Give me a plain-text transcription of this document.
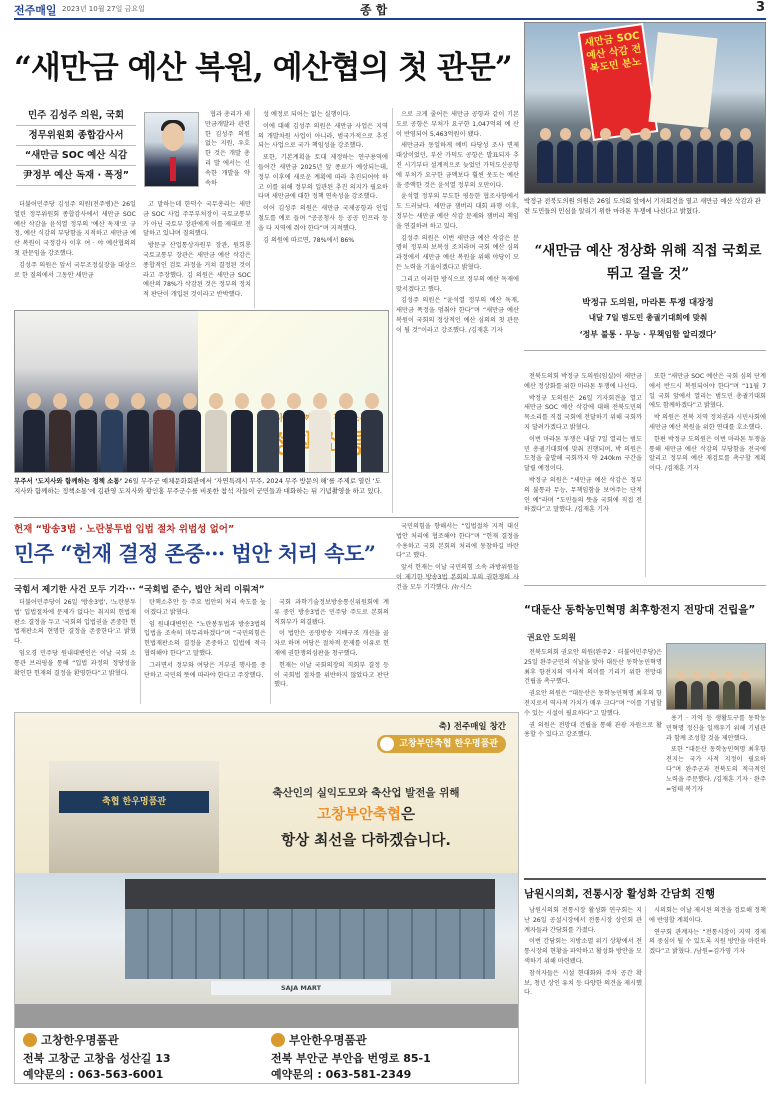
전주매일 2023년 10월 27일 금요일	종 합	3
“새만금 예산 복원, 예산협의 첫 관문”
민주 김성주 의원, 국회
정무위원회 종합감사서
“새만금 SOC 예산 식감
尹정부 예산 독재 · 폭정”

더불어민주당 김성주 의원(전주병)은 26일 열린 정무위원회 종합감사에서 새만금 SOC 예산 삭감을 윤석열 정부의 '예산 독재'로 규정, 예산 식감의 부당함을 지적하고 새만금 예산 복원이 국정감사 이후 여 · 야 예산협의의 첫 관문임을 강조했다.

김성주 의원은 앞서 국무조정실장을 대상으로 한 질의에서 그동안 새만금

협과 총리가 새만금개발과 관련한 김성주 의원 없는 지원, 우호한 것은 개발 총리 발 에서는 신속한 개발을 약속하

고 말하는데 한덕수 국무총리는 새만금 SOC 사업 주무부처장이 국토교통부가 아닌 국토부 장관에게 이를 제대로 전달하고 있냐며 질의했다.

방문규 산업통상자원부 장관, 원희룡 국토교통부 장관은 새만금 예산 삭감은 종합적인 검토 과정을 거쳐 결정된 것이라고 주장했다. 김 의원은 새만금 SOC 예산의 78%가 삭감된 것은 정부의 정치적 판단이 개입된 것이라고 반박했다.

성 예정로 되어는 없는 실행이다.

이에 대해 김성주 의원은 새만금 사업은 지역의 개발차원 사업이 아니라, 범국가적으로 추진되는 사업으로 국가 책임성을 강조했다.

또한, 기본계획을 토대 제정하는 연구용역에 들어간 새만금 2025년 앞 종료가 예상되는데, 정부 이후에 새로운 계획에 따라 추진되어야 하고 이를 위해 정부의 일관된 추진 의지가 필요하다며 새만금에 대한 정책 연속성을 강조했다.

이어 김성주 의원은 새만금 국제공항과 인입 철도를 예로 들며 “공공청사 등 공공 인프라 등을 다 지역에 줘야 한다”며 지적했다.

김 의원에 따르면, 78%에서 86%

으로 크게 줄어든 새만금 공항과 같이 기본도로 공항은 부처가 요구한 1,047억의 예 산이 반영되어 5,463억원이 됐다.

새만금과 동일하게 예비 타당성 조사 면제 대상이었던, 부산 가덕도 공항은 발표되자 추진 시기부터 설계적으로 늦었던 가덕도신공항에 부처가 요구한 금액보다 훨씬 웃도는 예산을 증액한 것은 윤석열 정부의 오만이다.

윤석열 정부의 무도한 평등한 협조사항에서도 드러났다. 새만금 잼버리 대회 파행 이후, 정부는 새만금 예산 삭감 문제와 잼버리 책임을 연결하려 하고 있다.

김성주 의원은 이번 새만금 예산 삭감은 분명히 정부의 보복성 조치라며 국회 예산 심의 과정에서 새만금 예산 복원을 위해 야당이 모든 노력을 기울이겠다고 밝혔다.

그리고 이러한 방식으로 정부의 예산 독재에 맞서겠다고 했다.

김성주 의원은 “윤석열 정부의 예산 독재, 새만금 폭정을 멈춰야 한다”며 “새만금 예산 복원이 국회의 정상적인 예산 심의의 첫 관문이 될 것”이라고 강조했다. /김재훈 기자

무주서 ‘도지사와 함께하는 정책 소통’ 26일 무주군 예체문화회관에서 ‘자연특례시 무주, 2024 무주 방문의 해’를 주제로 열린 ‘도지사와 함께하는 정책소통’에 김관영 도지사와 황인홍 무주군수를 비롯한 참석 자들이 군민들과 대화하는 뒤 기념촬영을 하고 있다.
헌재 “방송3법 · 노란봉투법 입법 절차 위법성 없어”
민주 “헌재 결정 존중··· 법안 처리 속도”
국힘서 제기한 사건 모두 기각··· “국회법 준수, 법안 처리 이뤄져”

더불어민주당이 26일 '방송3법', '노란봉투법' 입법절차에 문제가 없다는 취지의 헌법재판소 결정을 두고 '국회의 입법권을 존중한 헌법재판소의 현명한 결정을 존중한다'고 밝혔다.

임오경 민주당 원내대변인은 이날 국회 소통관 브리핑을 통해 “입법 과정의 정당성을 확인한 헌재의 결정을 환영한다”고 밝혔다.

탄핵소추안 등 주요 법안의 처리 속도를 높이겠다고 밝혔다.

임 원내대변인은 “노란봉투법과 방송3법의 입법을 조속히 마무리하겠다”며 “국민의힘은 헌법재판소의 결정을 존중하고 입법에 적극 협력해야 한다”고 말했다.

그러면서 정부와 여당은 거부권 행사를 중단하고 국민의 뜻에 따라야 한다고 주장했다.

국회 과학기술정보방송통신위원회에 계류 중인 방송3법은 민주당 주도로 본회의 직회부가 의결됐다.

이 법안은 공영방송 지배구조 개선을 골자로 하며 여당은 절차적 문제를 이유로 헌재에 권한쟁의심판을 청구했다.

헌재는 이날 국회의장의 직회부 결정 등이 국회법 절차를 위반하지 않았다고 판단했다.

국민의힘을 향해서는 “입법절차 지적 대신 법안 처리에 협조해야 한다”며 “헌재 결정을 수용하고 국회 본회의 처리에 동참하길 바란다”고 했다.

앞서 헌재는 이날 국민의힘 소속 과방위원들이 제기한 방송3법 본회의 부의 권한쟁의 사건을 모두 기각했다. /뉴시스

새만금 SOC 예산 삭감 전북도민 분노
박정규 전북도의원 의원은 26일 도의회 앞에서 기자회견을 열고 새만금 예산 삭감과 관련 도민들의 민심을 알리기 위한 마라톤 투쟁에 나선다고 밝혔다.
“새만금 예산 정상화 위해 직접 국회로 뛰고 걸을 것”
박정규 도의원, 마라톤 투쟁 대장정
내달 7일 범도민 총궐기대회에 맞춰
‘정부 불통 · 무능 · 무책임함 알리겠다’

전북도의회 박정규 도의원(임실)이 새만금 예산 정상화를 위한 마라톤 투쟁에 나선다.

박정규 도의원은 26일 기자회견을 열고 새만금 SOC 예산 삭감에 대해 전북도민의 목소리를 직접 국회에 전달하기 위해 국회까지 달려가겠다고 밝혔다.

이번 마라톤 투쟁은 내달 7일 열리는 범도민 총궐기대회에 맞춰 진행되며, 박 의원은 도청을 출발해 국회까지 약 240km 구간을 달릴 예정이다.

박정규 의원은 “새만금 예산 삭감은 정부의 불통과 무능, 무책임함을 보여주는 단적인 예”라며 “도민들의 뜻을 국회에 직접 전하겠다”고 말했다. /김재훈 기자

또한 “새만금 SOC 예산은 국회 심의 단계에서 반드시 복원되어야 한다”며 “11월 7일 국회 앞에서 열리는 범도민 총궐기대회에도 함께하겠다”고 밝혔다.

박 의원은 전북 지역 정치권과 시민사회에 새만금 예산 복원을 위한 연대를 호소했다.

한편 박정규 도의원은 이번 마라톤 투쟁을 통해 새만금 예산 삭감의 부당함을 전국에 알리고 정부의 예산 재검토를 촉구할 계획이다. /김재훈 기자

“대둔산 동학농민혁명 최후항전지 전망대 건립을”
권요안 도의원

전북도의회 권요안 의원(완주2 · 더불어민주당)은 25일 완주군민의 식날을 맞아 대둔산 동학농민혁명 최후 항전지의 역사적 의미를 기리기 위한 전망대 건립을 촉구했다.

권요안 의원은 “대둔산은 동학농민혁명 최후의 항전지로서 역사적 가치가 매우 크다”며 “이를 기념할 수 있는 시설이 필요하다”고 말했다.

권 의원은 전망대 건립을 통해 관광 자원으로 활용할 수 있다고 강조했다.

용기 · 기억 등 생활도구를 동학농민혁명 정신을 일깨우기 위해 기념관과 함께 조성할 것을 제안했다.

또한 “대둔산 동학농민혁명 최후항전지는 국가 사적 지정이 필요하다”며 완주군과 전북도의 적극적인 노력을 주문했다. /김재훈 기자 · 완주=엄태 복기자

남원시의회, 전통시장 활성화 간담회 진행

남원시의회 전통시장 활성화 연구회는 지난 26일 공설시장에서 전통시장 상인회 관계자들과 간담회를 가졌다.

이번 간담회는 지방소멸 위기 상황에서 전통시장의 현황을 파악하고 활성화 방안을 모색하기 위해 마련됐다.

참석자들은 시설 현대화와 주차 공간 확보, 청년 상인 유치 등 다양한 의견을 제시했다.

시의회는 이날 제시된 의견을 검토해 정책에 반영할 계획이다.

연구회 관계자는 “전통시장이 지역 경제의 중심이 될 수 있도록 지원 방안을 마련하겠다”고 밝혔다. /남원=김가영 기자

축) 전주매일 창간
고창부안축협 한우명품관
축협 한우명품관
축산인의 실익도모와 축산업 발전을 위해
고창부안축협은
항상 최선을 다하겠습니다.
SAJA MART
고창한우명품관
전북 고창군 고창읍 성산길 13
예약문의 : 063-563-6001
부안한우명품관
전북 부안군 부안읍 번영로 85-1
예약문의 : 063-581-2349
